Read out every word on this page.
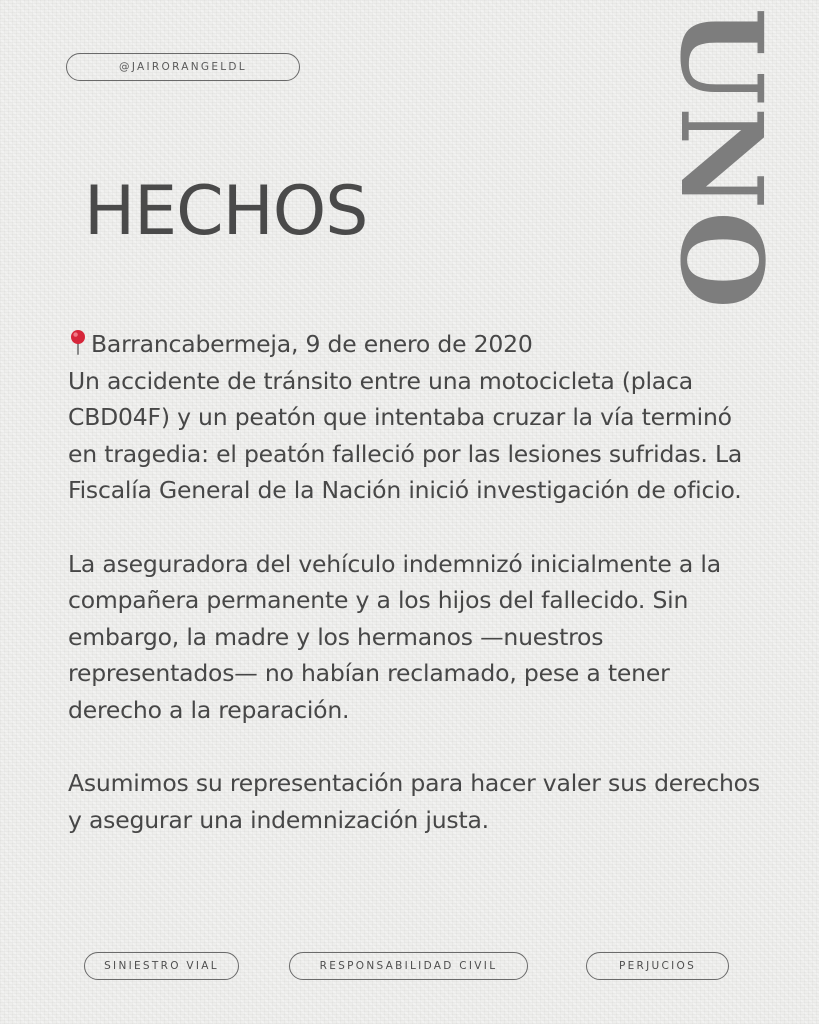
@JAIRORANGELDL
HECHOS	UNO

Barrancabermeja, 9 de enero de 2020
Un accidente de tránsito entre una motocicleta (placa CBD04F) y un peatón que intentaba cruzar la vía terminó en tragedia: el peatón falleció por las lesiones sufridas. La Fiscalía General de la Nación inició investigación de oficio.

La aseguradora del vehículo indemnizó inicialmente a la compañera permanente y a los hijos del fallecido. Sin embargo, la madre y los hermanos —nuestros representados— no habían reclamado, pese a tener derecho a la reparación.

Asumimos su representación para hacer valer sus derechos y asegurar una indemnización justa.

SINIESTRO VIAL	RESPONSABILIDAD CIVIL	PERJUCIOS
